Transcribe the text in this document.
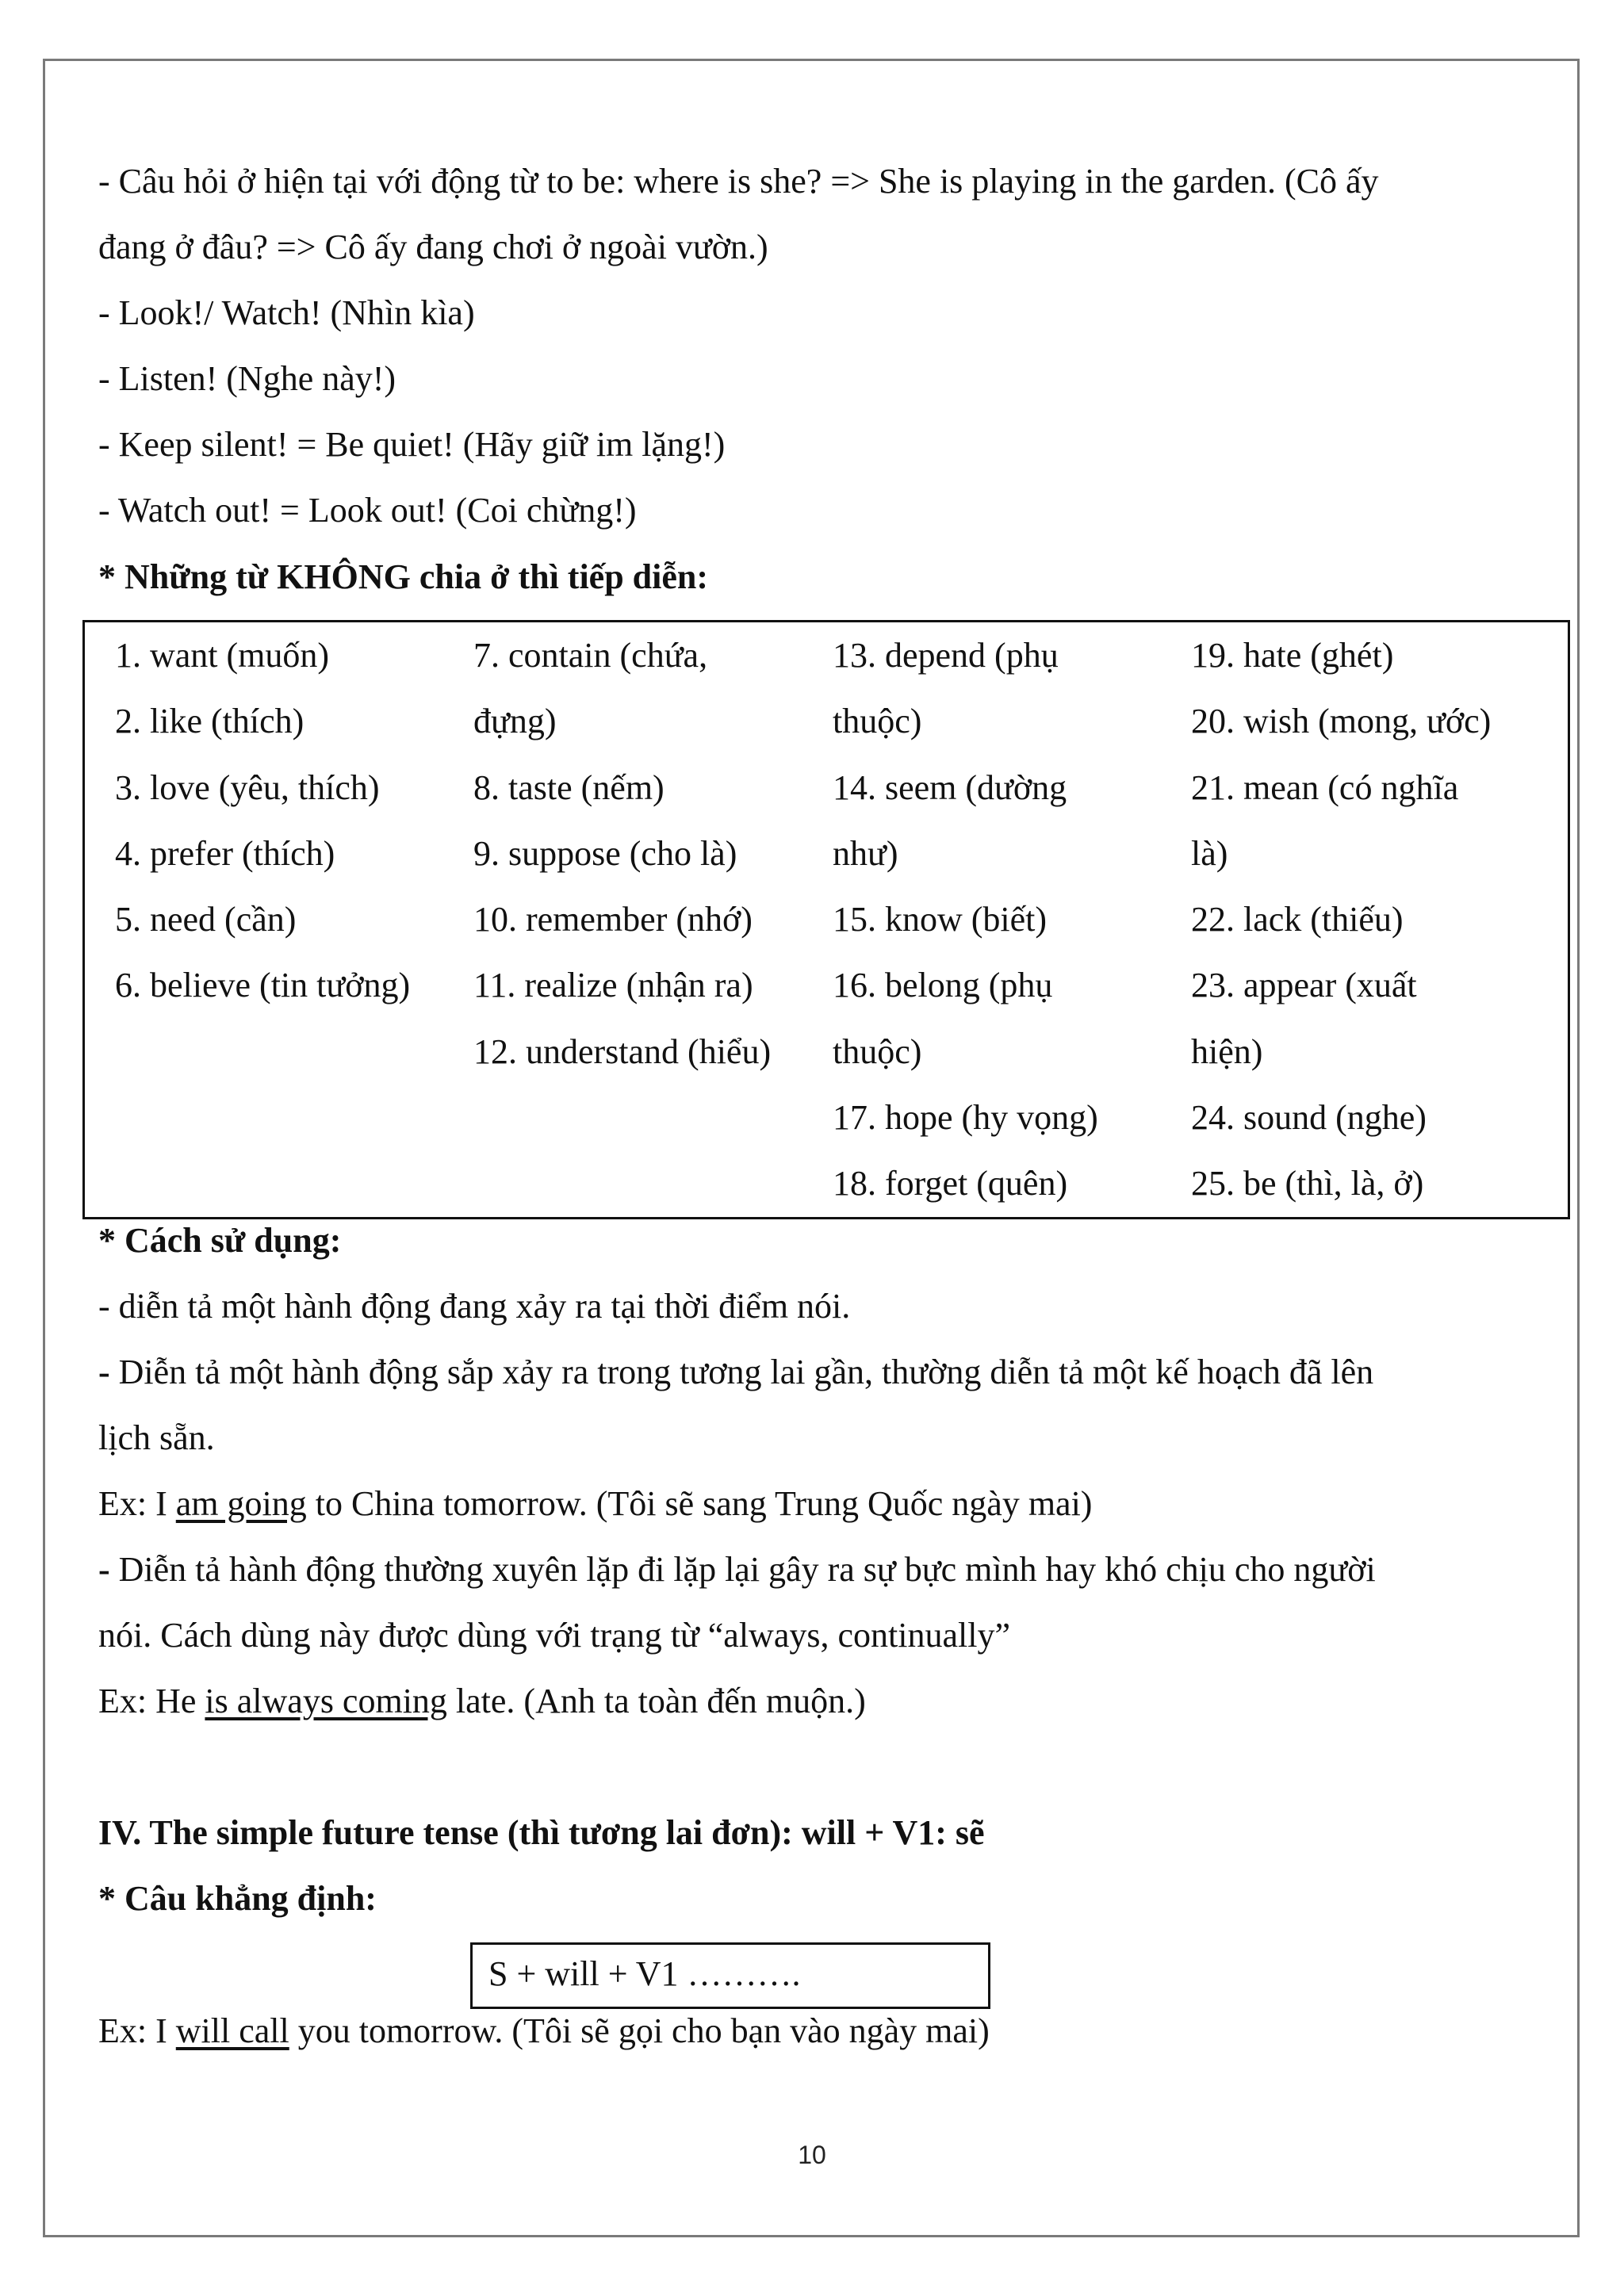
- Câu hỏi ở hiện tại với động từ to be: where is she? => She is playing in the garden. (Cô ấy
đang ở đâu? => Cô ấy đang chơi ở ngoài vườn.)
- Look!/ Watch! (Nhìn kìa)
- Listen! (Nghe này!)
- Keep silent! = Be quiet! (Hãy giữ im lặng!)
- Watch out! = Look out! (Coi chừng!)
* Những từ KHÔNG chia ở thì tiếp diễn:
1. want (muốn)
2. like (thích)
3. love (yêu, thích)
4. prefer (thích)
5. need (cần)
6. believe (tin tưởng)
7. contain (chứa,
đựng)
8. taste (nếm)
9. suppose (cho là)
10. remember (nhớ)
11. realize (nhận ra)
12. understand (hiểu)
13. depend (phụ
thuộc)
14. seem (dường
như)
15. know (biết)
16. belong (phụ
thuộc)
17. hope (hy vọng)
18. forget (quên)
19. hate (ghét)
20. wish (mong, ước)
21. mean (có nghĩa
là)
22. lack (thiếu)
23. appear (xuất
hiện)
24. sound (nghe)
25. be (thì, là, ở)
* Cách sử dụng:
- diễn tả một hành động đang xảy ra tại thời điểm nói.
- Diễn tả một hành động sắp xảy ra trong tương lai gần, thường diễn tả một kế hoạch đã lên
lịch sẵn.
Ex: I am going to China tomorrow. (Tôi sẽ sang Trung Quốc ngày mai)
- Diễn tả hành động thường xuyên lặp đi lặp lại gây ra sự bực mình hay khó chịu cho người
nói. Cách dùng này được dùng với trạng từ “always, continually”
Ex: He is always coming late. (Anh ta toàn đến muộn.)
IV. The simple future tense (thì tương lai đơn): will + V1: sẽ
* Câu khẳng định:
Ex: I will call you tomorrow. (Tôi sẽ gọi cho bạn vào ngày mai)
S + will + V1 ……….
10
